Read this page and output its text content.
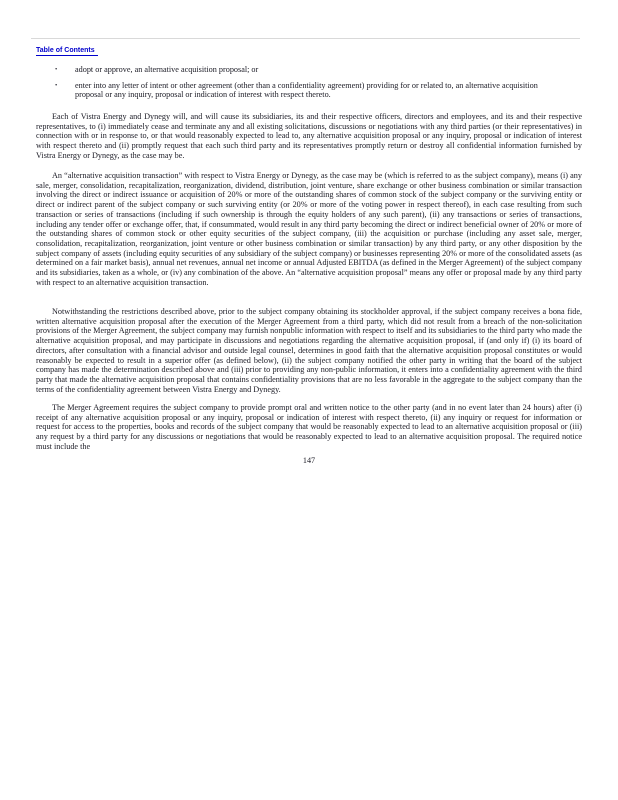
Table of Contents
•	adopt or approve, an alternative acquisition proposal; or
•	enter into any letter of intent or other agreement (other than a confidentiality agreement) providing for or related to, an alternative acquisition proposal or any inquiry, proposal or indication of interest with respect thereto.

Each of Vistra Energy and Dynegy will, and will cause its subsidiaries, its and their respective officers, directors and employees, and its and their respective representatives, to (i) immediately cease and terminate any and all existing solicitations, discussions or negotiations with any third parties (or their representatives) in connection with or in response to, or that would reasonably expected to lead to, any alternative acquisition proposal or any inquiry, proposal or indication of interest with respect thereto and (ii) promptly request that each such third party and its representatives promptly return or destroy all confidential information furnished by Vistra Energy or Dynegy, as the case may be.

An “alternative acquisition transaction” with respect to Vistra Energy or Dynegy, as the case may be (which is referred to as the subject company), means (i) any sale, merger, consolidation, recapitalization, reorganization, dividend, distribution, joint venture, share exchange or other business combination or similar transaction involving the direct or indirect issuance or acquisition of 20% or more of the outstanding shares of common stock of the subject company or the surviving entity or direct or indirect parent of the subject company or such surviving entity (or 20% or more of the voting power in respect thereof), in each case resulting from such transaction or series of transactions (including if such ownership is through the equity holders of any such parent), (ii) any transactions or series of transactions, including any tender offer or exchange offer, that, if consummated, would result in any third party becoming the direct or indirect beneficial owner of 20% or more of the outstanding shares of common stock or other equity securities of the subject company, (iii) the acquisition or purchase (including any asset sale, merger, consolidation, recapitalization, reorganization, joint venture or other business combination or similar transaction) by any third party, or any other disposition by the subject company of assets (including equity securities of any subsidiary of the subject company) or businesses representing 20% or more of the consolidated assets (as determined on a fair market basis), annual net revenues, annual net income or annual Adjusted EBITDA (as defined in the Merger Agreement) of the subject company and its subsidiaries, taken as a whole, or (iv) any combination of the above. An “alternative acquisition proposal” means any offer or proposal made by any third party with respect to an alternative acquisition transaction.

Notwithstanding the restrictions described above, prior to the subject company obtaining its stockholder approval, if the subject company receives a bona fide, written alternative acquisition proposal after the execution of the Merger Agreement from a third party, which did not result from a breach of the non-solicitation provisions of the Merger Agreement, the subject company may furnish nonpublic information with respect to itself and its subsidiaries to the third party who made the alternative acquisition proposal, and may participate in discussions and negotiations regarding the alternative acquisition proposal, if (and only if) (i) its board of directors, after consultation with a financial advisor and outside legal counsel, determines in good faith that the alternative acquisition proposal constitutes or would reasonably be expected to result in a superior offer (as defined below), (ii) the subject company notified the other party in writing that the board of the subject company has made the determination described above and (iii) prior to providing any non-public information, it enters into a confidentiality agreement with the third party that made the alternative acquisition proposal that contains confidentiality provisions that are no less favorable in the aggregate to the subject company than the terms of the confidentiality agreement between Vistra Energy and Dynegy.

The Merger Agreement requires the subject company to provide prompt oral and written notice to the other party (and in no event later than 24 hours) after (i) receipt of any alternative acquisition proposal or any inquiry, proposal or indication of interest with respect thereto, (ii) any inquiry or request for information or request for access to the properties, books and records of the subject company that would be reasonably expected to lead to an alternative acquisition proposal or (iii) any request by a third party for any discussions or negotiations that would be reasonably expected to lead to an alternative acquisition proposal. The required notice must include the

147
